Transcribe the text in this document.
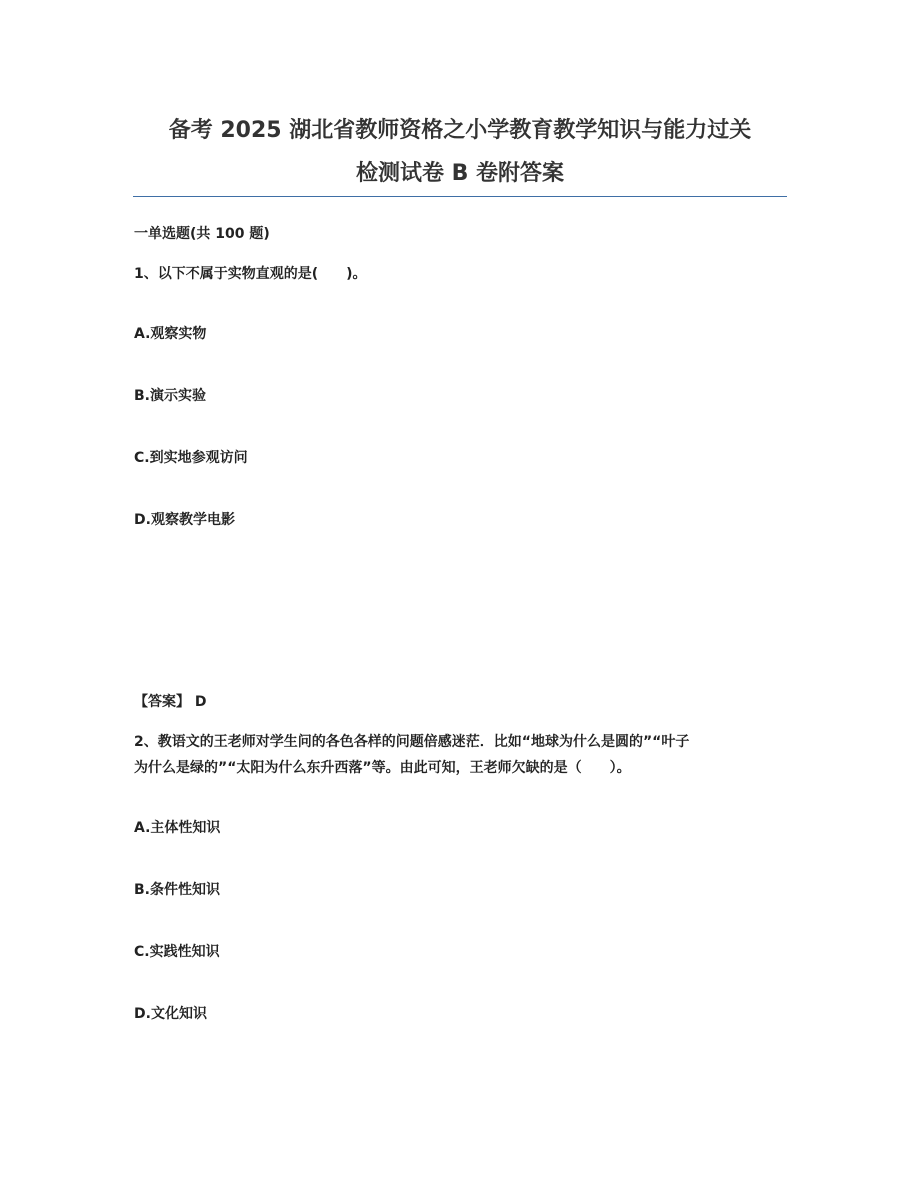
备考 2025 湖北省教师资格之小学教育教学知识与能力过关
检测试卷 B 卷附答案
一单选题(共 100 题)
1、以下不属于实物直观的是(　　)。
A.观察实物
B.演示实验
C.到实地参观访问
D.观察教学电影
【答案】 D
2、教语文的王老师对学生问的各色各样的问题倍感迷茫．比如“地球为什么是圆的”“叶子
为什么是绿的”“太阳为什么东升西落”等。由此可知，王老师欠缺的是（　　）。
A.主体性知识
B.条件性知识
C.实践性知识
D.文化知识
